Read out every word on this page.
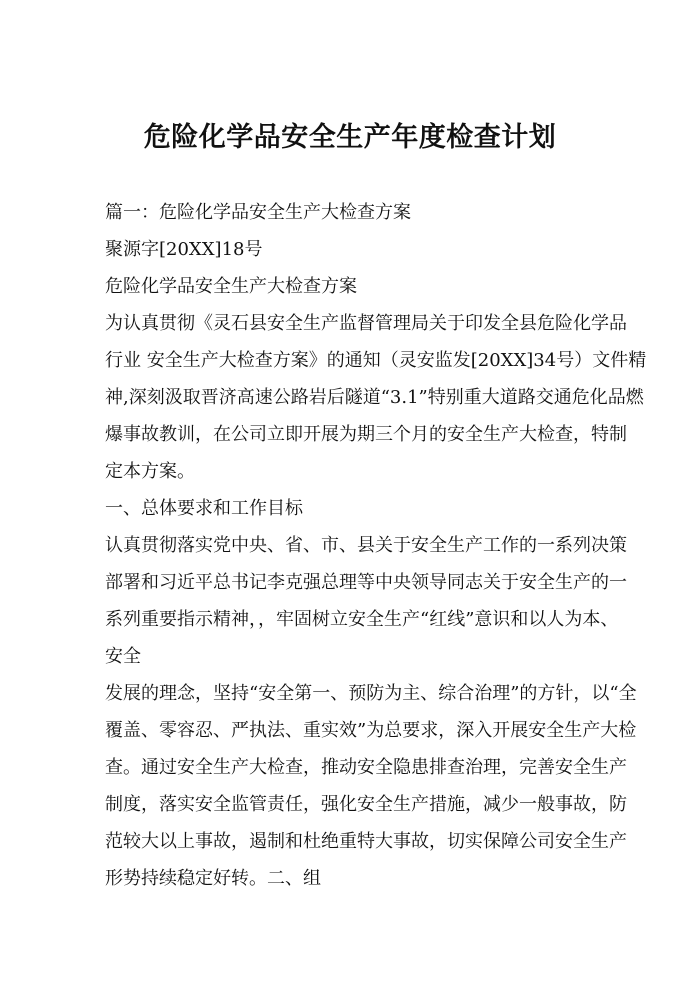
危险化学品安全生产年度检查计划
篇一：危险化学品安全生产大检查方案
聚源字[20XX]18号
危险化学品安全生产大检查方案
为认真贯彻《灵石县安全生产监督管理局关于印发全县危险化学品
行业 安全生产大检查方案》的通知（灵安监发[20XX]34号）文件精
神,深刻汲取晋济高速公路岩后隧道“3.1”特别重大道路交通危化品燃
爆事故教训，在公司立即开展为期三个月的安全生产大检查，特制
定本方案。
一、总体要求和工作目标
认真贯彻落实党中央、省、市、县关于安全生产工作的一系列决策
部署和习近平总书记李克强总理等中央领导同志关于安全生产的一
系列重要指示精神，，牢固树立安全生产“红线”意识和以人为本、
安全
发展的理念，坚持“安全第一、预防为主、综合治理”的方针，以“全
覆盖、零容忍、严执法、重实效”为总要求，深入开展安全生产大检
查。通过安全生产大检查，推动安全隐患排查治理，完善安全生产
制度，落实安全监管责任，强化安全生产措施，减少一般事故，防
范较大以上事故，遏制和杜绝重特大事故，切实保障公司安全生产
形势持续稳定好转。二、组
